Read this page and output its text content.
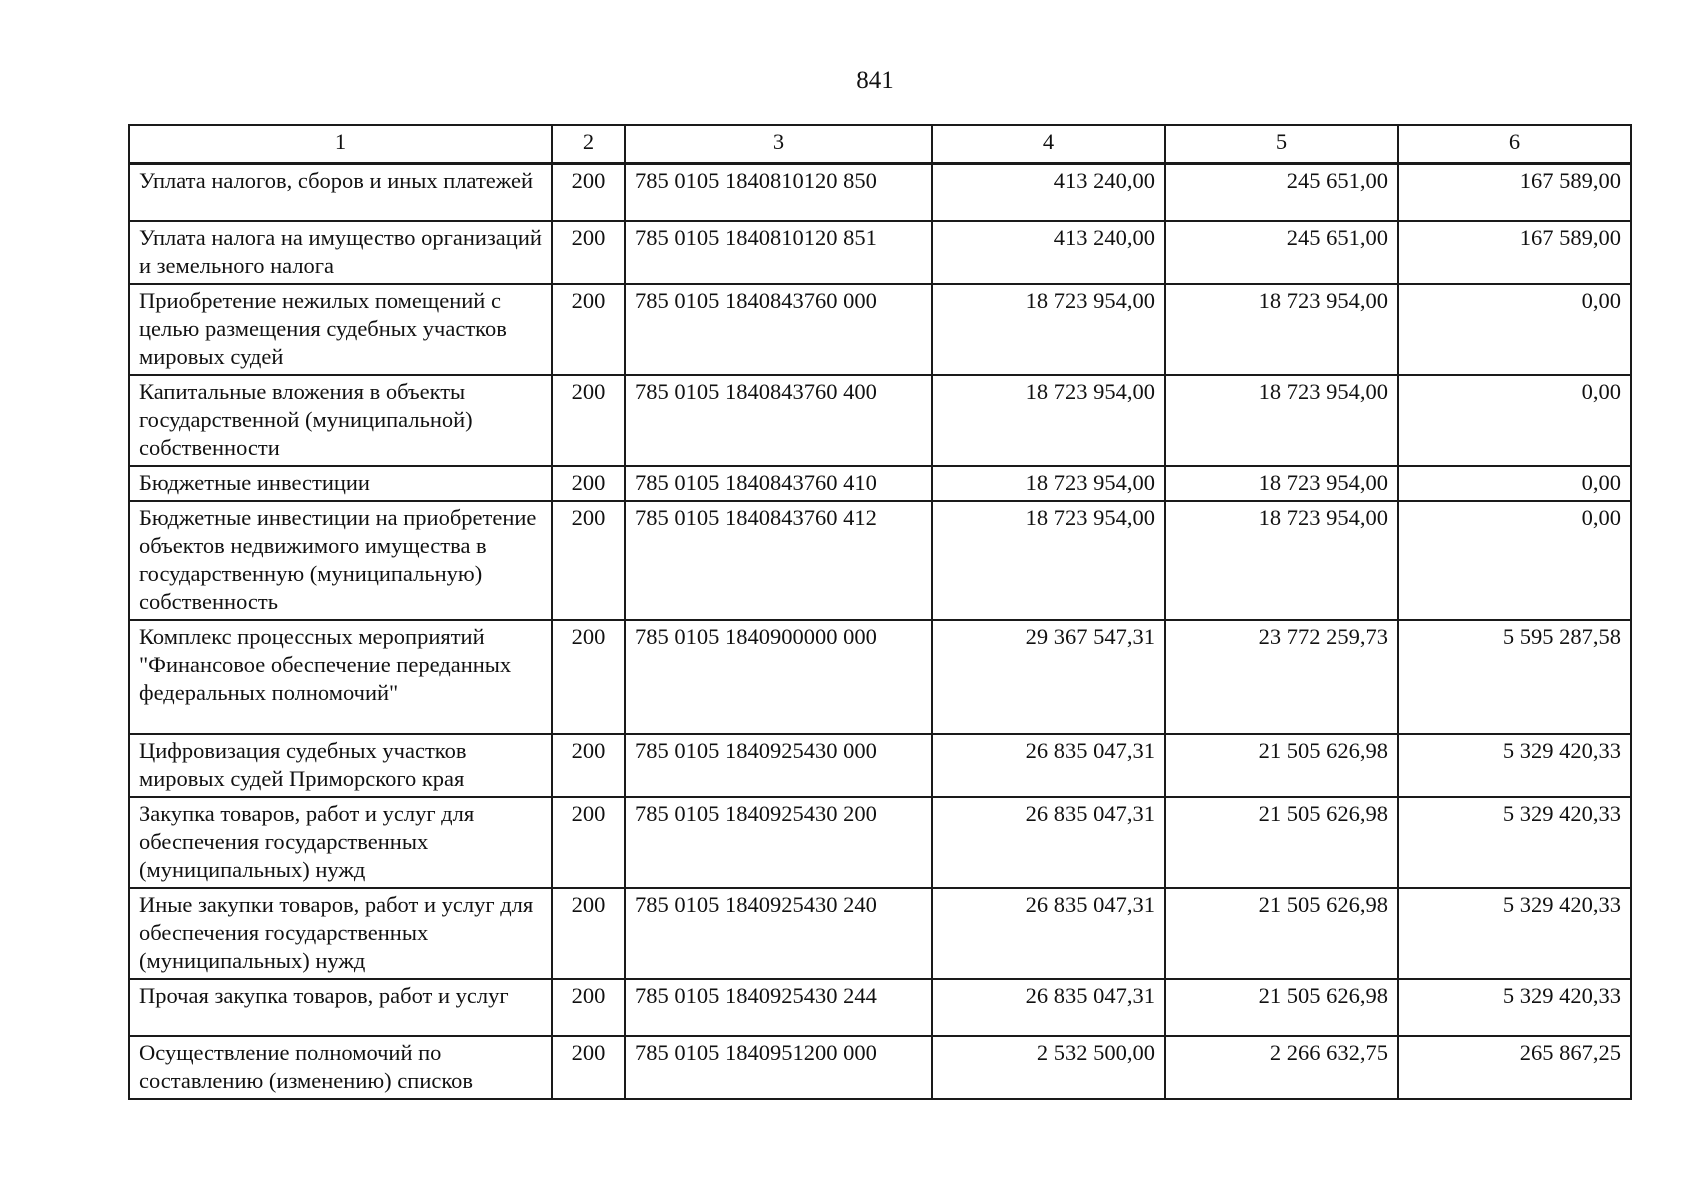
841
1	2	3	4	5	6
Уплата налогов, сборов и иных платежей	200	785 0105 1840810120 850	413 240,00	245 651,00	167 589,00
Уплата налога на имущество организаций и земельного налога	200	785 0105 1840810120 851	413 240,00	245 651,00	167 589,00
Приобретение нежилых помещений с целью размещения судебных участков мировых судей	200	785 0105 1840843760 000	18 723 954,00	18 723 954,00	0,00
Капитальные вложения в объекты государственной (муниципальной) собственности	200	785 0105 1840843760 400	18 723 954,00	18 723 954,00	0,00
Бюджетные инвестиции	200	785 0105 1840843760 410	18 723 954,00	18 723 954,00	0,00
Бюджетные инвестиции на приобретение объектов недвижимого имущества в государственную (муниципальную) собственность	200	785 0105 1840843760 412	18 723 954,00	18 723 954,00	0,00
Комплекс процессных мероприятий "Финансовое обеспечение переданных федеральных полномочий"	200	785 0105 1840900000 000	29 367 547,31	23 772 259,73	5 595 287,58
Цифровизация судебных участков мировых судей Приморского края	200	785 0105 1840925430 000	26 835 047,31	21 505 626,98	5 329 420,33
Закупка товаров, работ и услуг для обеспечения государственных (муниципальных) нужд	200	785 0105 1840925430 200	26 835 047,31	21 505 626,98	5 329 420,33
Иные закупки товаров, работ и услуг для обеспечения государственных (муниципальных) нужд	200	785 0105 1840925430 240	26 835 047,31	21 505 626,98	5 329 420,33
Прочая закупка товаров, работ и услуг	200	785 0105 1840925430 244	26 835 047,31	21 505 626,98	5 329 420,33
Осуществление полномочий по составлению (изменению) списков	200	785 0105 1840951200 000	2 532 500,00	2 266 632,75	265 867,25
